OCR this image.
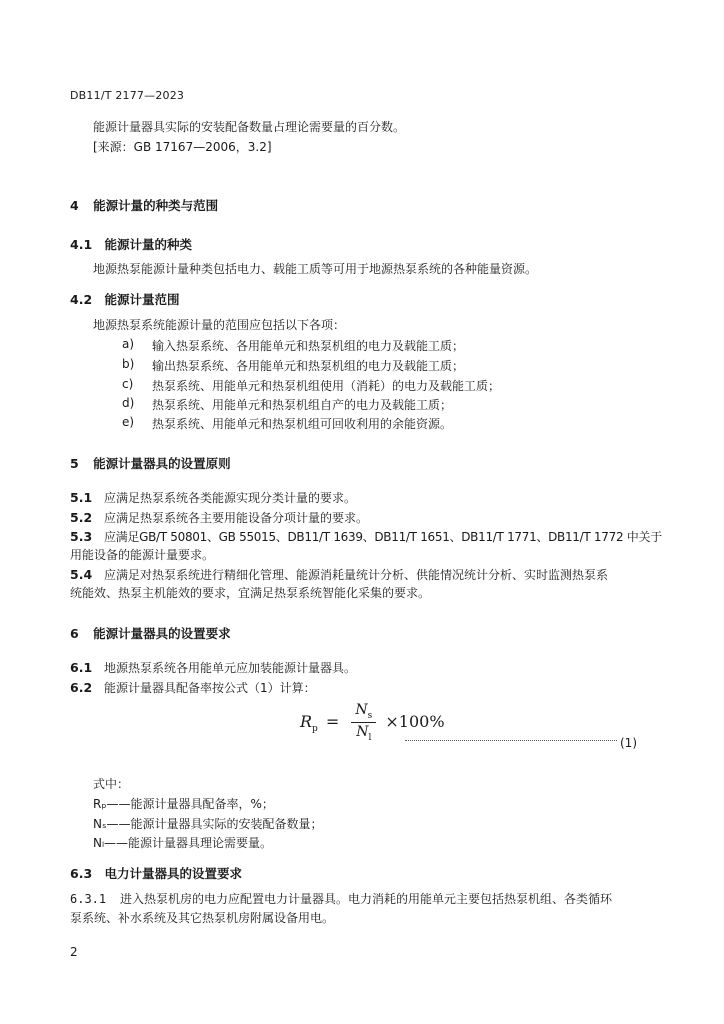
DB11/T 2177—2023
能源计量器具实际的安装配备数量占理论需要量的百分数。
[来源：GB 17167—2006，3.2]
4 能源计量的种类与范围
4.1 能源计量的种类
地源热泵能源计量种类包括电力、载能工质等可用于地源热泵系统的各种能量资源。
4.2 能源计量范围
地源热泵系统能源计量的范围应包括以下各项：
a)	输入热泵系统、各用能单元和热泵机组的电力及载能工质；
b)	输出热泵系统、各用能单元和热泵机组的电力及载能工质；
c)	热泵系统、用能单元和热泵机组使用（消耗）的电力及载能工质；
d)	热泵系统、用能单元和热泵机组自产的电力及载能工质；
e)	热泵系统、用能单元和热泵机组可回收利用的余能资源。
5 能源计量器具的设置原则
5.1 应满足热泵系统各类能源实现分类计量的要求。
5.2 应满足热泵系统各主要用能设备分项计量的要求。
5.3 应满足GB/T 50801、GB 55015、DB11/T 1639、DB11/T 1651、DB11/T 1771、DB11/T 1772 中关于
用能设备的能源计量要求。
5.4 应满足对热泵系统进行精细化管理、能源消耗量统计分析、供能情况统计分析、实时监测热泵系
统能效、热泵主机能效的要求，宜满足热泵系统智能化采集的要求。
6 能源计量器具的设置要求
6.1 地源热泵系统各用能单元应加装能源计量器具。
6.2 能源计量器具配备率按公式（1）计算：
$R_p = \frac{N_s}{N_l} \times 100\%$
(1)
式中：
Rₚ——能源计量器具配备率，%；
Nₛ——能源计量器具实际的安装配备数量；
Nₗ——能源计量器具理论需要量。
6.3 电力计量器具的设置要求
6.3.1 进入热泵机房的电力应配置电力计量器具。电力消耗的用能单元主要包括热泵机组、各类循环
泵系统、补水系统及其它热泵机房附属设备用电。
2
